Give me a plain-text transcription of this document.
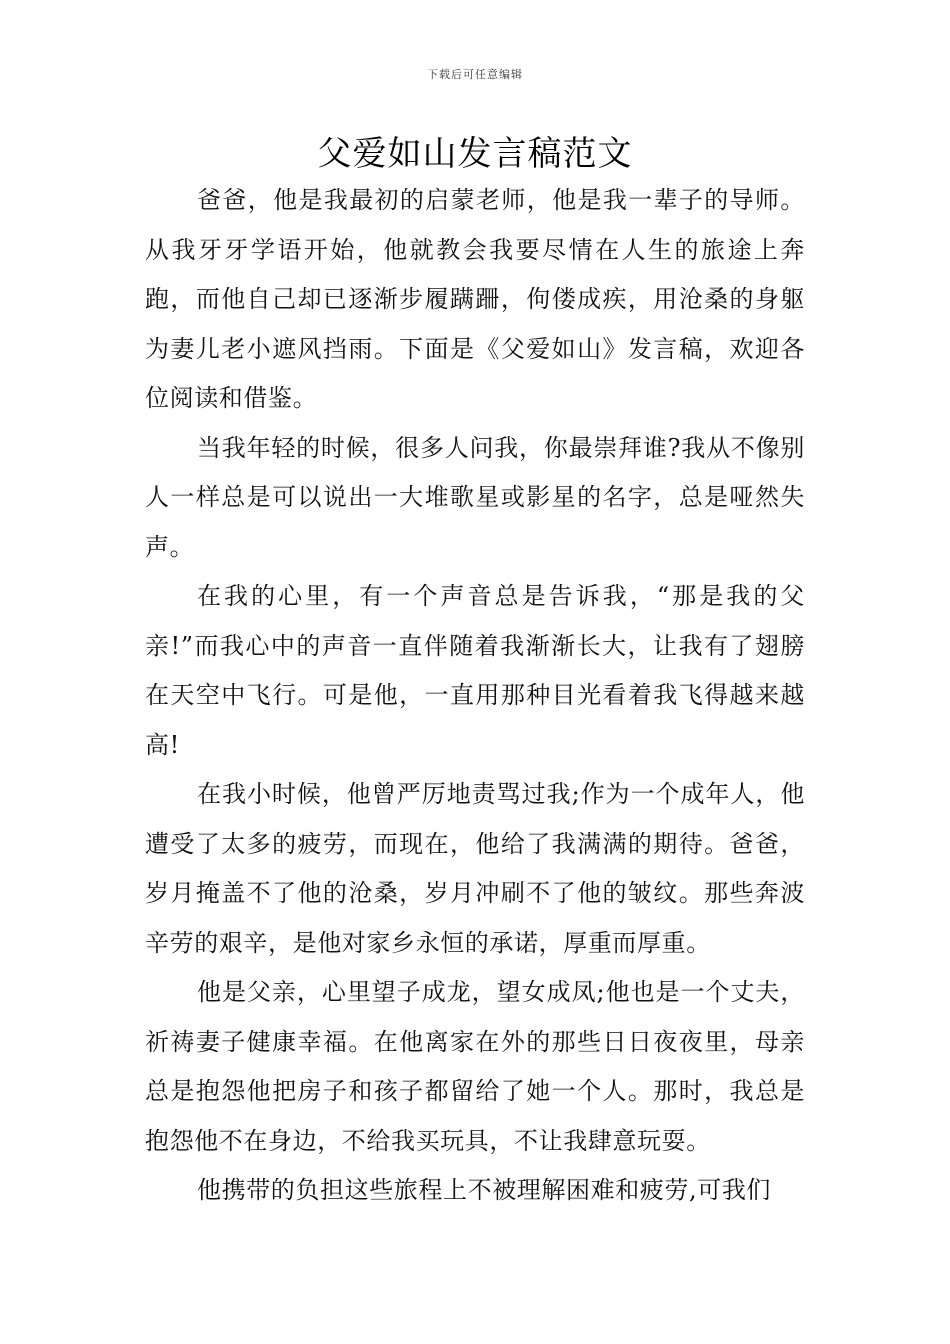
下载后可任意编辑
父爱如山发言稿范文

爸爸，他是我最初的启蒙老师，他是我一辈子的导师。从我牙牙学语开始，他就教会我要尽情在人生的旅途上奔跑，而他自己却已逐渐步履蹒跚，佝偻成疾，用沧桑的身躯为妻儿老小遮风挡雨。下面是《父爱如山》发言稿，欢迎各位阅读和借鉴。

当我年轻的时候，很多人问我，你最崇拜谁?我从不像别人一样总是可以说出一大堆歌星或影星的名字，总是哑然失声。

在我的心里，有一个声音总是告诉我，“那是我的父亲!”而我心中的声音一直伴随着我渐渐长大，让我有了翅膀在天空中飞行。可是他，一直用那种目光看着我飞得越来越高!

在我小时候，他曾严厉地责骂过我;作为一个成年人，他遭受了太多的疲劳，而现在，他给了我满满的期待。爸爸，岁月掩盖不了他的沧桑，岁月冲刷不了他的皱纹。那些奔波辛劳的艰辛，是他对家乡永恒的承诺，厚重而厚重。

他是父亲，心里望子成龙，望女成凤;他也是一个丈夫，祈祷妻子健康幸福。在他离家在外的那些日日夜夜里，母亲总是抱怨他把房子和孩子都留给了她一个人。那时，我总是抱怨他不在身边，不给我买玩具，不让我肆意玩耍。

他携带的负担这些旅程上不被理解困难和疲劳,可我们
